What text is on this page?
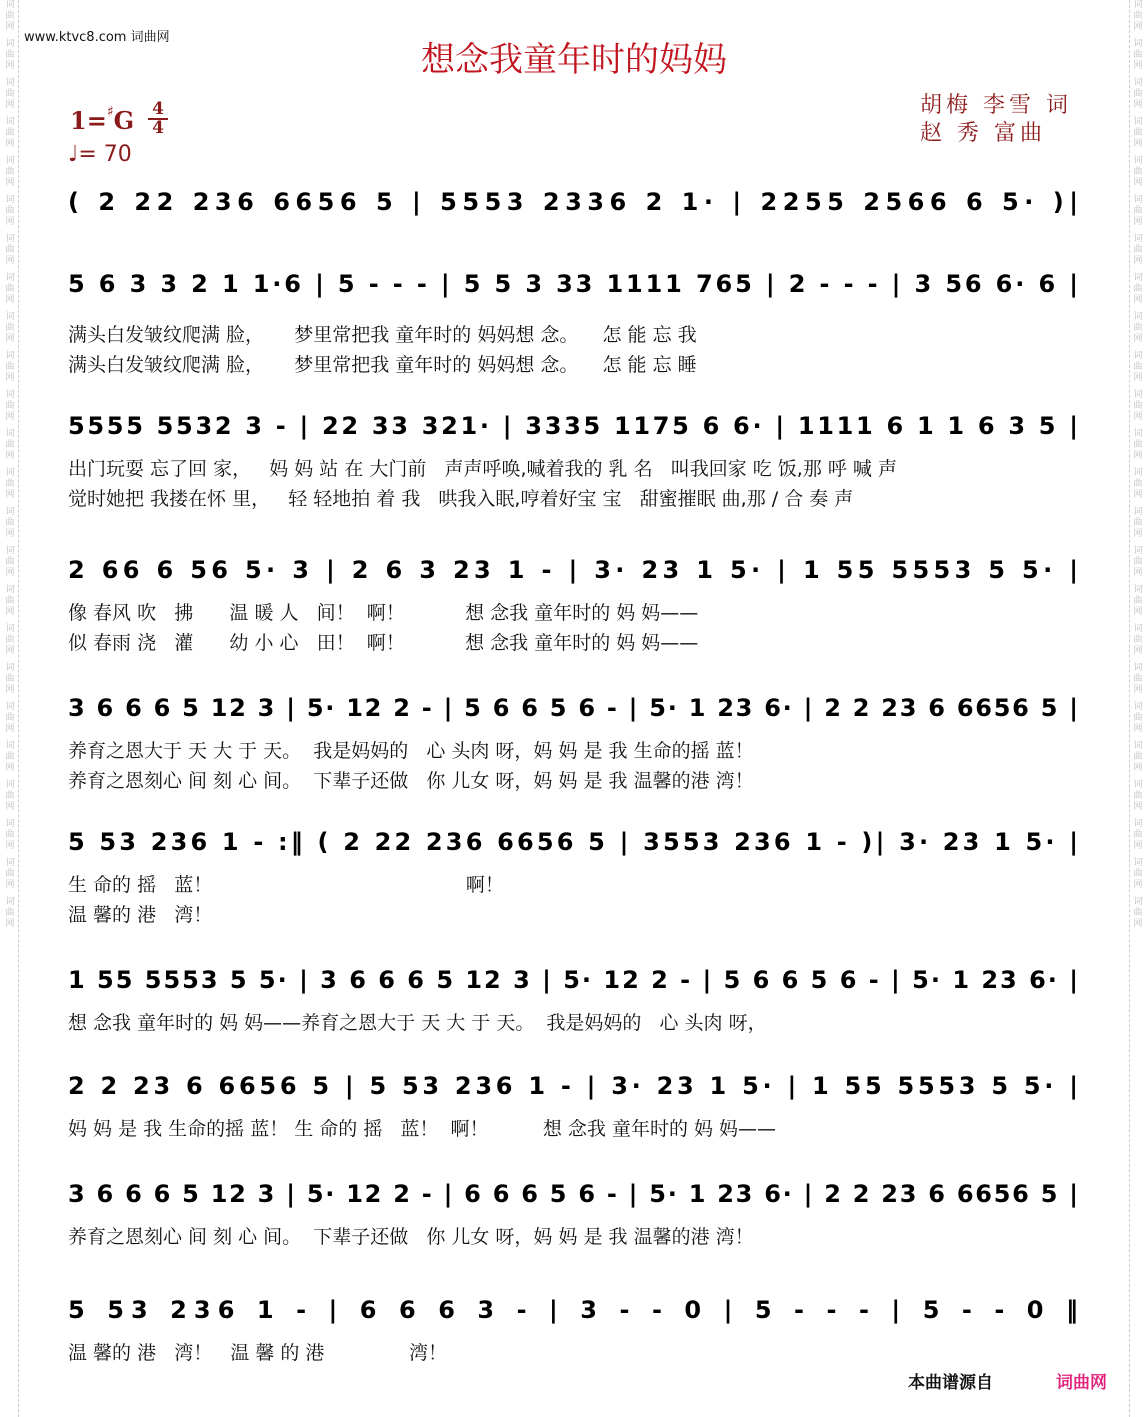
词曲网
词曲网
词曲网
词曲网
词曲网
词曲网
词曲网
词曲网
词曲网
词曲网
词曲网
词曲网
词曲网
词曲网
词曲网
词曲网
词曲网
词曲网
词曲网
词曲网
词曲网
词曲网
词曲网
词曲网
词曲网
词曲网
词曲网
词曲网
词曲网
词曲网
词曲网
词曲网
词曲网
词曲网
词曲网
词曲网
词曲网
词曲网
词曲网
词曲网
词曲网
词曲网
词曲网
词曲网
词曲网
词曲网
词曲网
词曲网
www.ktvc8.com 词曲网
想念我童年时的妈妈
1=♯G 4
4
♩= 70
胡梅 李雪 词
赵 秀 富曲
( 2 22 236 6656 5 | 5553 2336 2 1· | 2255 2566 6 5· )|
5 6 3 3 2 1 1·6 | 5 - - - | 5 5 3 33 1111 765 | 2 - - - | 3 56 6· 6 |
满头白发皱纹爬满 脸，     梦里常把我 童年时的 妈妈想 念。    怎 能 忘 我
满头白发皱纹爬满 脸，     梦里常把我 童年时的 妈妈想 念。    怎 能 忘 睡
5555 5532 3 - | 22 33 321· | 3335 1175 6 6· | 1111 6 1 1 6 3 5 |
出门玩耍 忘了回 家，   妈 妈 站 在 大门前   声声呼唤,喊着我的 乳 名   叫我回家 吃 饭,那 呼 喊 声
觉时她把 我搂在怀 里，   轻 轻地拍 着 我   哄我入眠,哼着好宝 宝   甜蜜摧眠 曲,那 / 合 奏 声
2 66 6 56 5· 3 | 2 6 3 23 1 - | 3· 23 1 5· | 1 55 5553 5 5· |
像 春风 吹   拂      温 暖 人   间！  啊！          想 念我 童年时的 妈 妈——
似 春雨 浇   灌      幼 小 心   田！  啊！          想 念我 童年时的 妈 妈——
3 6 6 6 5 12 3 | 5· 12 2 - | 5 6 6 5 6 - | 5· 1 23 6· | 2 2 23 6 6656 5 |
养育之恩大于 天 大 于 天。  我是妈妈的   心 头肉 呀，妈 妈 是 我 生命的摇 蓝！
养育之恩刻心 间 刻 心 间。  下辈子还做   你 儿女 呀，妈 妈 是 我 温馨的港 湾！
5 53 236 1 - :‖ ( 2 22 236 6656 5 | 3553 236 1 - )| 3· 23 1 5· |
生 命的 摇   蓝！                                          啊！
温 馨的 港   湾！
1 55 5553 5 5· | 3 6 6 6 5 12 3 | 5· 12 2 - | 5 6 6 5 6 - | 5· 1 23 6· |
想 念我 童年时的 妈 妈——养育之恩大于 天 大 于 天。  我是妈妈的   心 头肉 呀，
2 2 23 6 6656 5 | 5 53 236 1 - | 3· 23 1 5· | 1 55 5553 5 5· |
妈 妈 是 我 生命的摇 蓝！ 生 命的 摇   蓝！  啊！         想 念我 童年时的 妈 妈——
3 6 6 6 5 12 3 | 5· 12 2 - | 6 6 6 5 6 - | 5· 1 23 6· | 2 2 23 6 6656 5 |
养育之恩刻心 间 刻 心 间。  下辈子还做   你 儿女 呀，妈 妈 是 我 温馨的港 湾！
5 53 236 1 - | 6 6 6 3 - | 3 - - 0 | 5 - - - | 5 - - 0 ‖
温 馨的 港   湾！   温 馨 的 港              湾！
本曲谱源自	词曲网
